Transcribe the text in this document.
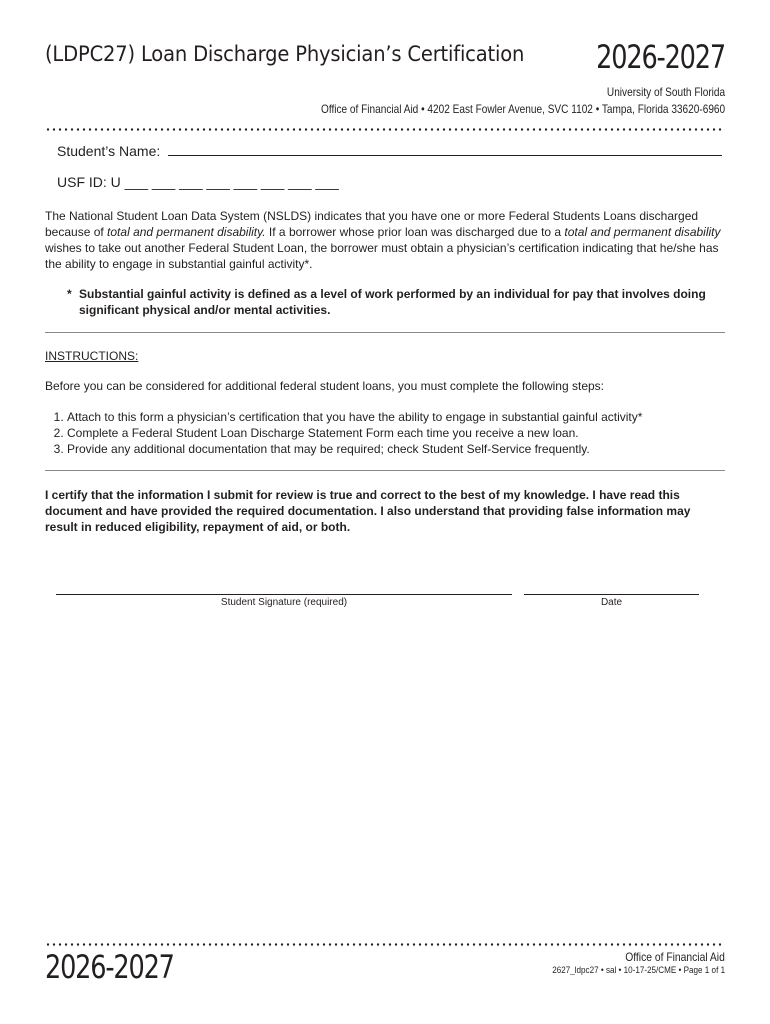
(LDPC27) Loan Discharge Physician’s Certification 2026-2027
University of South Florida
Office of Financial Aid • 4202 East Fowler Avenue, SVC 1102 • Tampa, Florida 33620-6960
Student’s Name:
USF ID: U ___ ___ ___ ___ ___ ___ ___ ___
The National Student Loan Data System (NSLDS) indicates that you have one or more Federal Students Loans discharged because of total and permanent disability. If a borrower whose prior loan was discharged due to a total and permanent disability wishes to take out another Federal Student Loan, the borrower must obtain a physician’s certification indicating that he/she has the ability to engage in substantial gainful activity*.
* Substantial gainful activity is defined as a level of work performed by an individual for pay that involves doing significant physical and/or mental activities.
INSTRUCTIONS:
Before you can be considered for additional federal student loans, you must complete the following steps:
1. Attach to this form a physician’s certification that you have the ability to engage in substantial gainful activity*
2. Complete a Federal Student Loan Discharge Statement Form each time you receive a new loan.
3. Provide any additional documentation that may be required; check Student Self-Service frequently.
I certify that the information I submit for review is true and correct to the best of my knowledge. I have read this document and have provided the required documentation. I also understand that providing false information may result in reduced eligibility, repayment of aid, or both.
Student Signature (required)	Date
2026-2027	Office of Financial Aid
2627_ldpc27 • sal • 10-17-25/CME • Page 1 of 1
